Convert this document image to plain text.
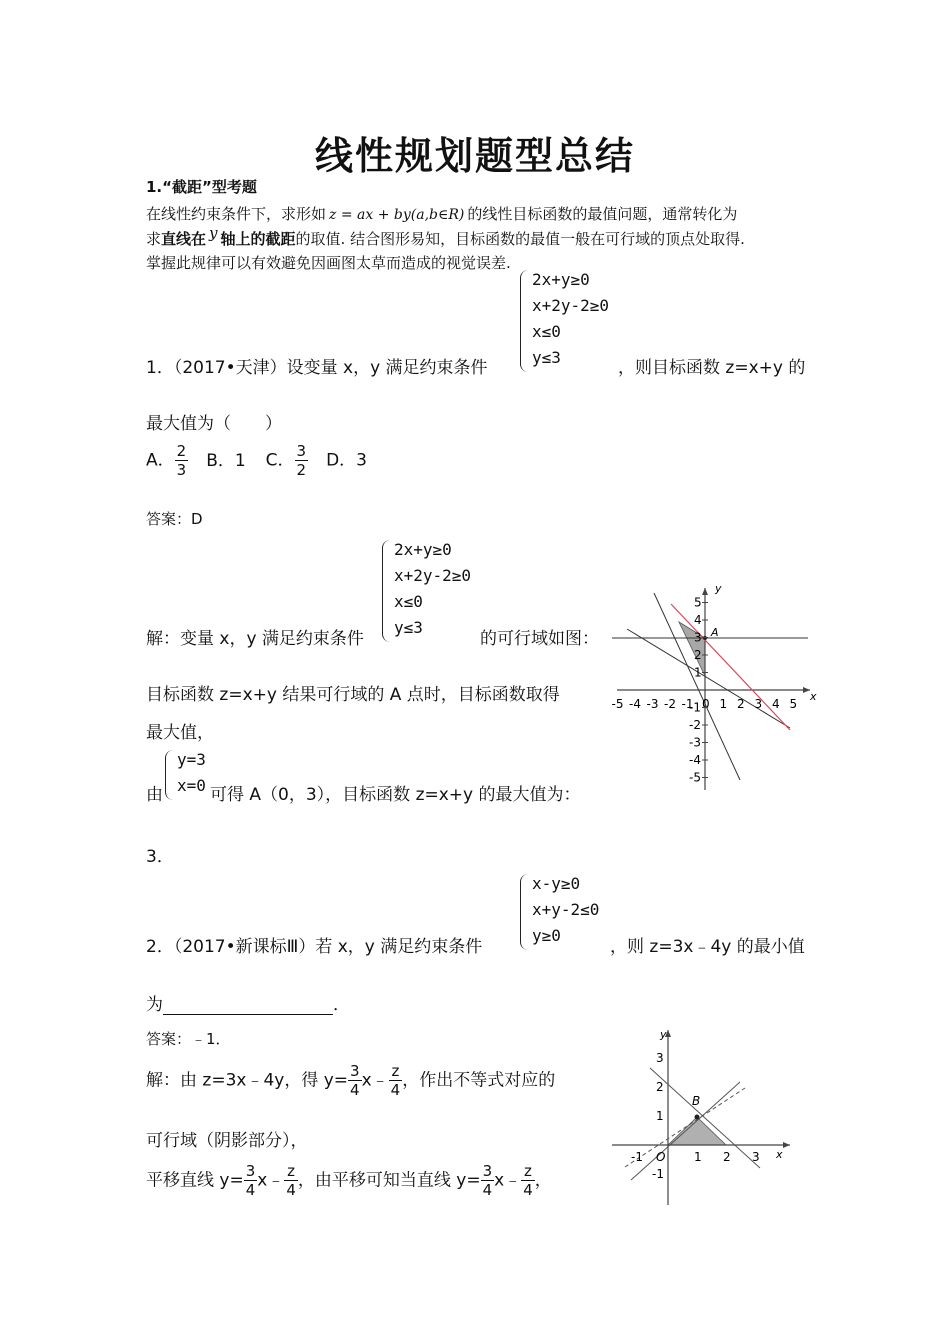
线性规划题型总结
1.“截距”型考题
在线性约束条件下，求形如 z = ax + by(a,b∈R) 的线性目标函数的最值问题，通常转化为
求直线在 y 轴上的截距的取值. 结合图形易知，目标函数的最值一般在可行域的顶点处取得.
掌握此规律可以有效避免因画图太草而造成的视觉误差.
2x+y≥0
x+2y-2≥0
x≤0
y≤3
1．（2017•天津）设变量 x，y 满足约束条件	，则目标函数 z=x+y 的
最大值为（　　）
A． $\frac{2}{3}$ B．1 C． $\frac{3}{2}$ D．3
答案：D
2x+y≥0
x+2y-2≥0
x≤0
y≤3
解：变量 x，y 满足约束条件	的可行域如图：
目标函数 z=x+y 结果可行域的 A 点时，目标函数取得
最大值，
由
y=3
x=0 可得 A（0，3），目标函数 z=x+y 的最大值为：
3．
-5 -4 -3 -2 -1 0 1 2 3 4 5
5
4
3
2
1
-1
-2
-3
-4
-5
A
x
y
x-y≥0
x+y-2≤0
y≥0
2．（2017•新课标Ⅲ）若 x，y 满足约束条件	，则 z=3x﹣4y 的最小值
为	．
答案：﹣1．
解：由 z=3x﹣4y，得 $y= \frac{3}{4}$ x﹣ $\frac{z}{4}$ ，作出不等式对应的
可行域（阴影部分），
平移直线 $y= \frac{3}{4}$ x﹣ $\frac{z}{4}$ ，由平移可知当直线 $y= \frac{3}{4}$ x﹣ $\frac{z}{4}$ ，
-1	1 2 3
3
2
1
-1
O
B
x
y
